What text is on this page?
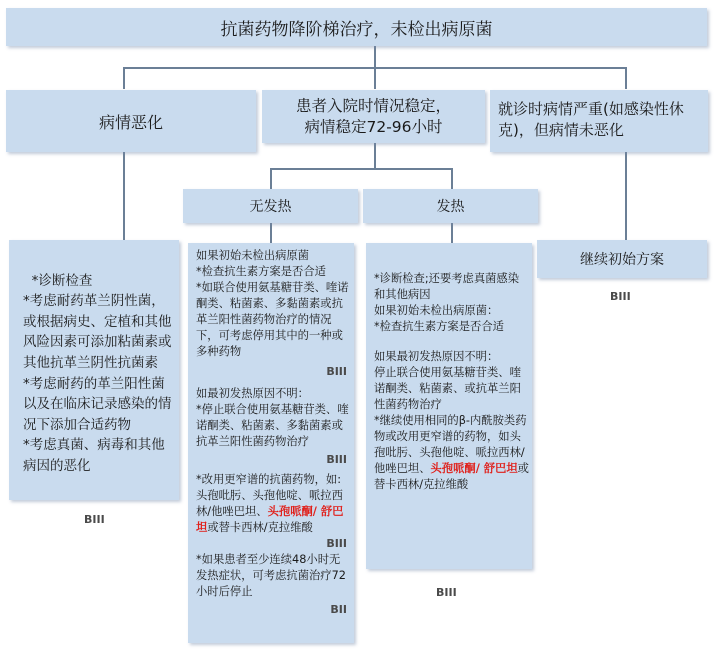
抗菌药物降阶梯治疗，未检出病原菌
病情恶化
患者入院时情况稳定，
病情稳定72-96小时
就诊时病情严重(如感染性休克)，但病情未恶化
无发热	发热

*诊断检查
*考虑耐药革兰阴性菌，或根据病史、定植和其他风险因素可添加粘菌素或其他抗革兰阴性抗菌素
*考虑耐药的革兰阳性菌以及在临床记录感染的情况下添加合适药物
*考虑真菌、病毒和其他病因的恶化

BIII
如果初始未检出病原菌
*检查抗生素方案是否合适
*如联合使用氨基糖苷类、喹诺酮类、粘菌素、多黏菌素或抗革兰阳性菌药物治疗的情况下，可考虑停用其中的一种或多种药物
BIII
如最初发热原因不明：
*停止联合使用氨基糖苷类、喹诺酮类、粘菌素、多黏菌素或抗革兰阳性菌药物治疗
BIII
*改用更窄谱的抗菌药物，如:头孢吡肟、头孢他啶、哌拉西林/他唑巴坦、头孢哌酮/ 舒巴坦或替卡西林/克拉维酸
BIII
*如果患者至少连续48小时无发热症状，可考虑抗菌治疗72小时后停止
BII
*诊断检查;还要考虑真菌感染和其他病因
如果初始未检出病原菌：
*检查抗生素方案是否合适
如果最初发热原因不明：
停止联合使用氨基糖苷类、喹诺酮类、粘菌素、或抗革兰阳性菌药物治疗
*继续使用相同的β-内酰胺类药物或改用更窄谱的药物，如头孢吡肟、头孢他啶、哌拉西林/他唑巴坦、头孢哌酮/ 舒巴坦或替卡西林/克拉维酸
BIII
继续初始方案
BIII
